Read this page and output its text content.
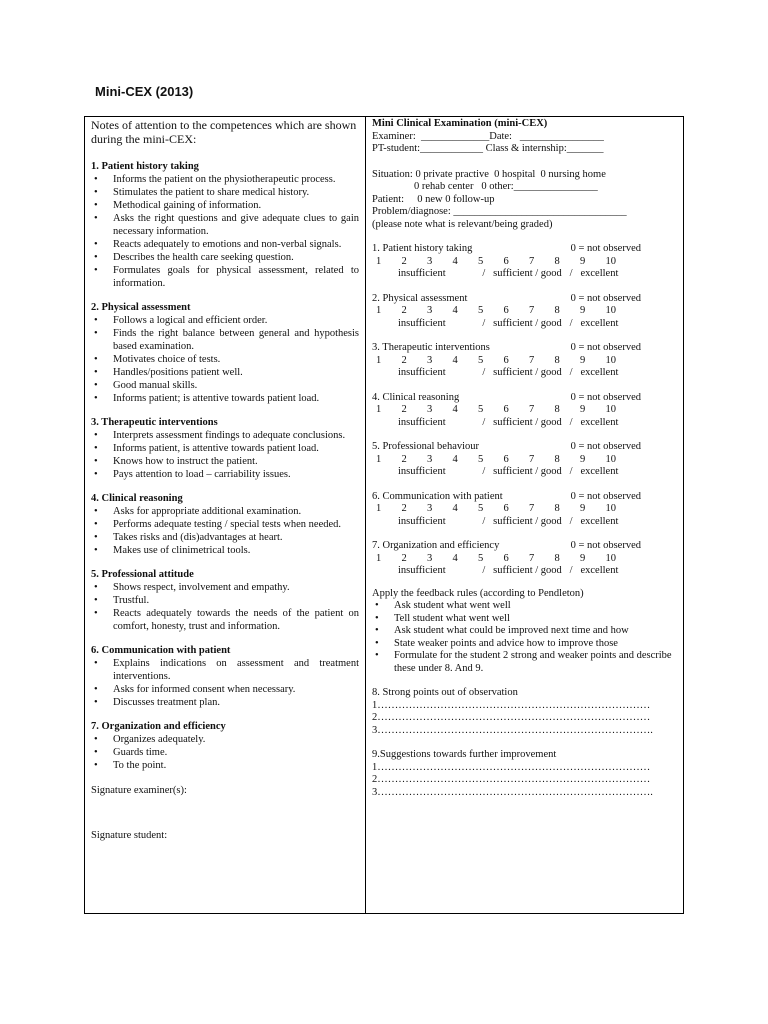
Mini-CEX (2013)

Notes of attention to the competences which are shown during the mini-CEX:

1. Patient history taking
• Informs the patient on the physiotherapeutic process.
• Stimulates the patient to share medical history.
• Methodical gaining of information.
• Asks the right questions and give adequate clues to gain necessary information.
• Reacts adequately to emotions and non-verbal signals.
• Describes the health care seeking question.
• Formulates goals for physical assessment, related to information.
2. Physical assessment
• Follows a logical and efficient order.
• Finds the right balance between general and hypothesis based examination.
• Motivates choice of tests.
• Handles/positions patient well.
• Good manual skills.
• Informs patient; is attentive towards patient load.
3. Therapeutic interventions
• Interprets assessment findings to adequate conclusions.
• Informs patient, is attentive towards patient load.
• Knows how to instruct the patient.
• Pays attention to load – carriability issues.
4. Clinical reasoning
• Asks for appropriate additional examination.
• Performs adequate testing / special tests when needed.
• Takes risks and (dis)advantages at heart.
• Makes use of clinimetrical tools.
5. Professional attitude
• Shows respect, involvement and empathy.
• Trustful.
• Reacts adequately towards the needs of the patient on comfort, honesty, trust and information.
6. Communication with patient
• Explains indications on assessment and treatment interventions.
• Asks for informed consent when necessary.
• Discusses treatment plan.
7. Organization and efficiency
• Organizes adequately.
• Guards time.
• To the point.
Signature examiner(s):
Signature student:
Mini Clinical Examination (mini-CEX)
Examiner:  _____________Date:   ________________
PT-student:____________ Class & internship:_______
Situation: 0 private practive  0 hospital  0 nursing home
0 rehab center   0 other:________________
Patient:     0 new 0 follow-up
Problem/diagnose: _________________________________
(please note what is relevant/being graded)
1. Patient history taking	0 = not observed
1 2 3 4 5 6 7 8 9 10
insufficient              /   sufficient / good   /   excellent
2. Physical assessment	0 = not observed
1 2 3 4 5 6 7 8 9 10
insufficient              /   sufficient / good   /   excellent
3. Therapeutic interventions	0 = not observed
1 2 3 4 5 6 7 8 9 10
insufficient              /   sufficient / good   /   excellent
4. Clinical reasoning	0 = not observed
1 2 3 4 5 6 7 8 9 10
insufficient              /   sufficient / good   /   excellent
5. Professional behaviour	0 = not observed
1 2 3 4 5 6 7 8 9 10
insufficient              /   sufficient / good   /   excellent
6. Communication with patient	0 = not observed
1 2 3 4 5 6 7 8 9 10
insufficient              /   sufficient / good   /   excellent
7. Organization and efficiency	0 = not observed
1 2 3 4 5 6 7 8 9 10
insufficient              /   sufficient / good   /   excellent
Apply the feedback rules (according to Pendleton)
• Ask student what went well
• Tell student what went well
• Ask student what could be improved next time and how
• State weaker points and advice how to improve those
• Formulate for the student 2 strong and weaker points and describe these under 8. And 9.
8. Strong points out of observation
1……………………………………………………………………
2……………………………………………………………………
3…………………………………………………………………….
9.Suggestions towards further improvement
1……………………………………………………………………
2……………………………………………………………………
3…………………………………………………………………….
